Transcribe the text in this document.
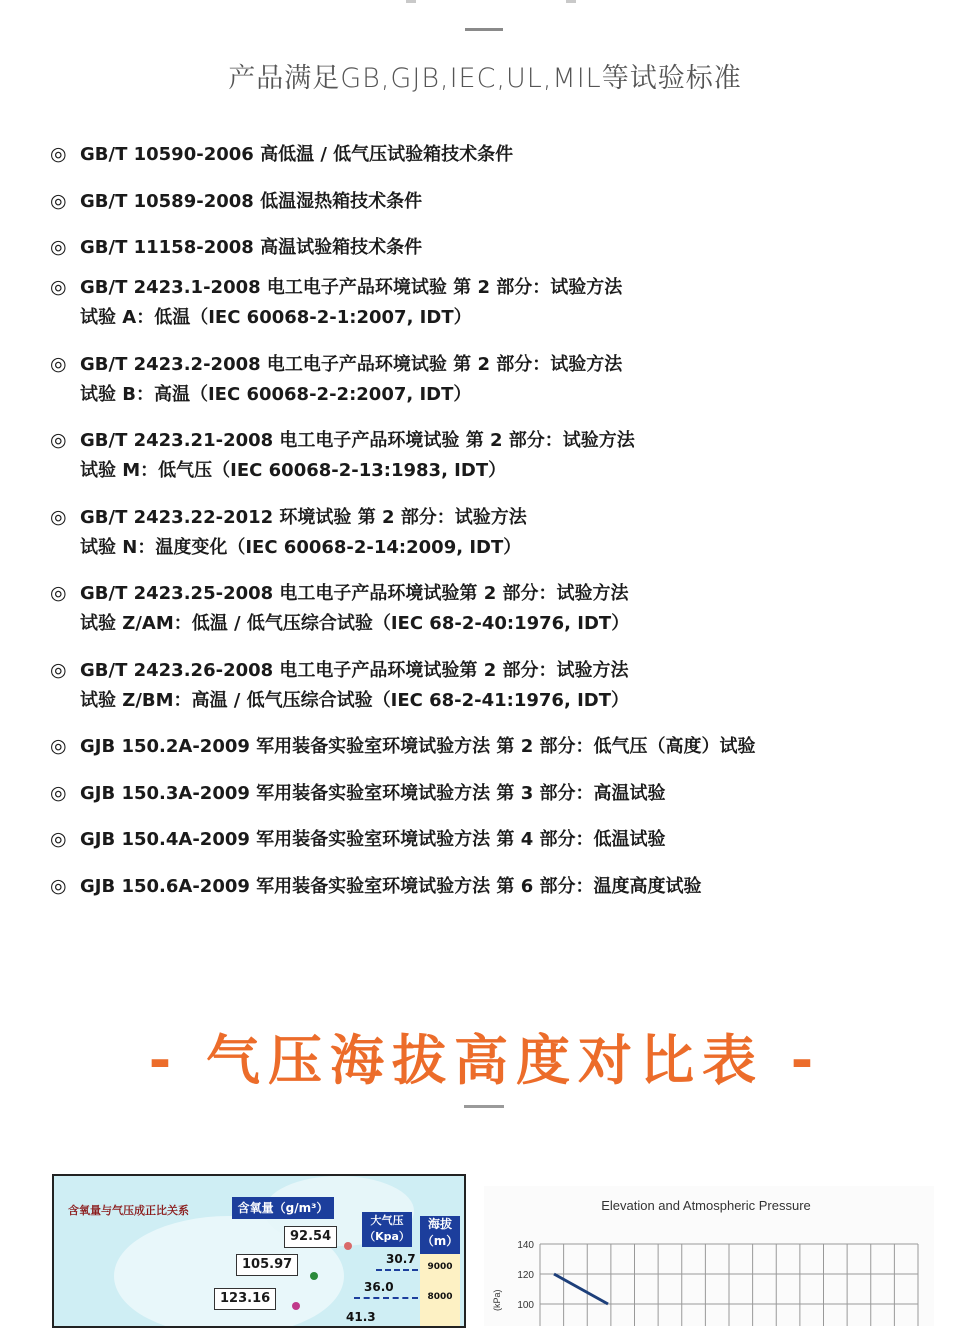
产品满足GB,GJB,IEC,UL,MIL等试验标准
◎ GB/T 10590-2006 高低温 / 低气压试验箱技术条件
◎ GB/T 10589-2008 低温湿热箱技术条件
◎ GB/T 11158-2008 高温试验箱技术条件
◎ GB/T 2423.1-2008 电工电子产品环境试验 第 2 部分：试验方法
试验 A：低温（IEC 60068-2-1:2007, IDT）
◎ GB/T 2423.2-2008 电工电子产品环境试验 第 2 部分：试验方法
试验 B：高温（IEC 60068-2-2:2007, IDT）
◎ GB/T 2423.21-2008 电工电子产品环境试验 第 2 部分：试验方法
试验 M：低气压（IEC 60068-2-13:1983, IDT）
◎ GB/T 2423.22-2012 环境试验 第 2 部分：试验方法
试验 N：温度变化（IEC 60068-2-14:2009, IDT）
◎ GB/T 2423.25-2008 电工电子产品环境试验第 2 部分：试验方法
试验 Z/AM：低温 / 低气压综合试验（IEC 68-2-40:1976, IDT）
◎ GB/T 2423.26-2008 电工电子产品环境试验第 2 部分：试验方法
试验 Z/BM：高温 / 低气压综合试验（IEC 68-2-41:1976, IDT）
◎ GJB 150.2A-2009 军用装备实验室环境试验方法 第 2 部分：低气压（高度）试验
◎ GJB 150.3A-2009 军用装备实验室环境试验方法 第 3 部分：高温试验
◎ GJB 150.4A-2009 军用装备实验室环境试验方法 第 4 部分：低温试验
◎ GJB 150.6A-2009 军用装备实验室环境试验方法 第 6 部分：温度高度试验
- 气压海拔高度对比表 -
含氧量与气压成正比关系	含氧量（g/m³）
大气压
（Kpa）
海拔
（m）
9000
8000
92.54
105.97
123.16
30.7
36.0
41.3
Elevation and Atmospheric Pressure
140
120
100
(kPa)
